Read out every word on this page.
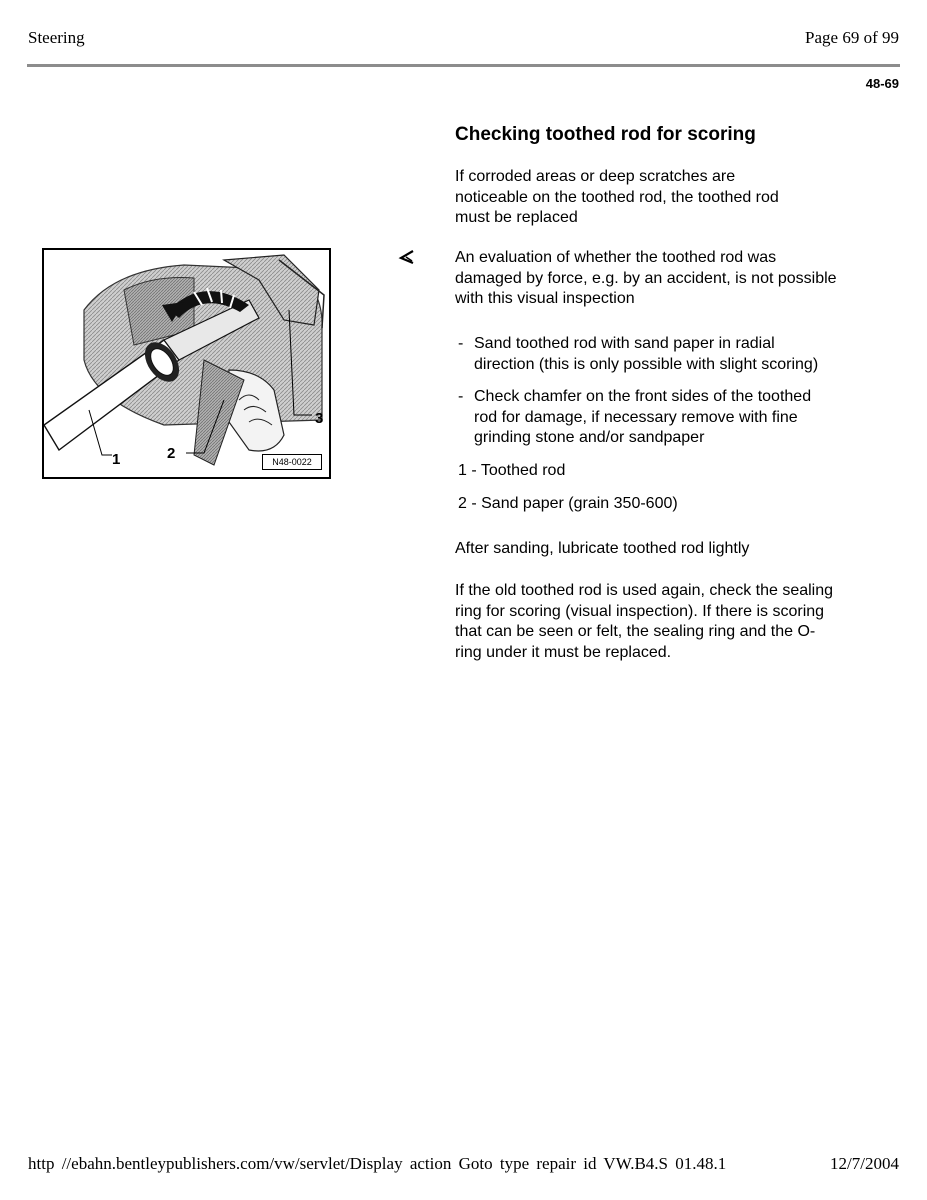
Steering	Page 69 of 99
48-69
1	2
3
N48-0022
Checking toothed rod for scoring

If corroded areas or deep scratches are

noticeable on the toothed rod, the toothed rod

must be replaced

An evaluation of whether the toothed rod was

damaged by force, e.g. by an accident, is not possible

with this visual inspection

- Sand toothed rod with sand paper in radial

direction (this is only possible with slight scoring)

- Check chamfer on the front sides of the toothed

rod for damage, if necessary remove with fine

grinding stone and/or sandpaper

1 - Toothed rod

2 - Sand paper (grain 350-600)

After sanding, lubricate toothed rod lightly

If the old toothed rod is used again, check the sealing

ring for scoring (visual inspection). If there is scoring

that can be seen or felt, the sealing ring and the O-

ring under it must be replaced.

http //ebahn.bentleypublishers.com/vw/servlet/Display action Goto type repair id VW.B4.S 01.48.1	12/7/2004
